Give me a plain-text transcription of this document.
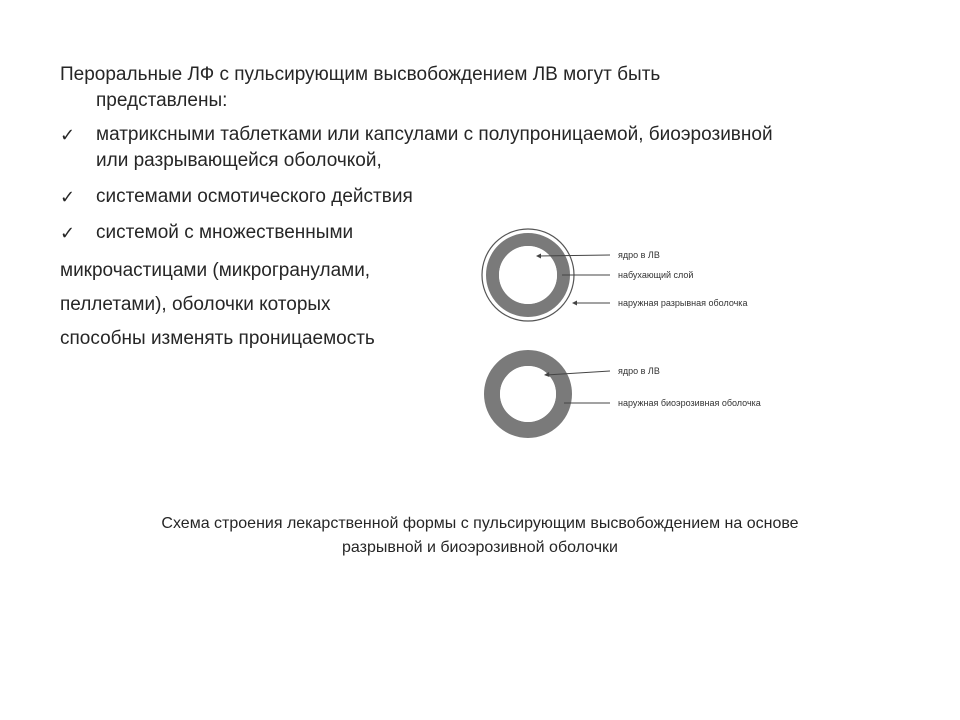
Пероральные ЛФ с пульсирующим высвобождением ЛВ могут быть
представлены:
✓ матриксными таблетками или капсулами с полупроницаемой, биоэрозивной
или разрывающейся оболочкой,
✓ системами осмотического действия
✓ системой с множественными
микрочастицами (микрогранулами,
пеллетами), оболочки которых
способны изменять проницаемость
ядро в ЛВ
набухающий слой
наружная разрывная оболочка
ядро в ЛВ
наружная биоэрозивная оболочка
Схема строения лекарственной формы с пульсирующим высвобождением на основе
разрывной и биоэрозивной оболочки
